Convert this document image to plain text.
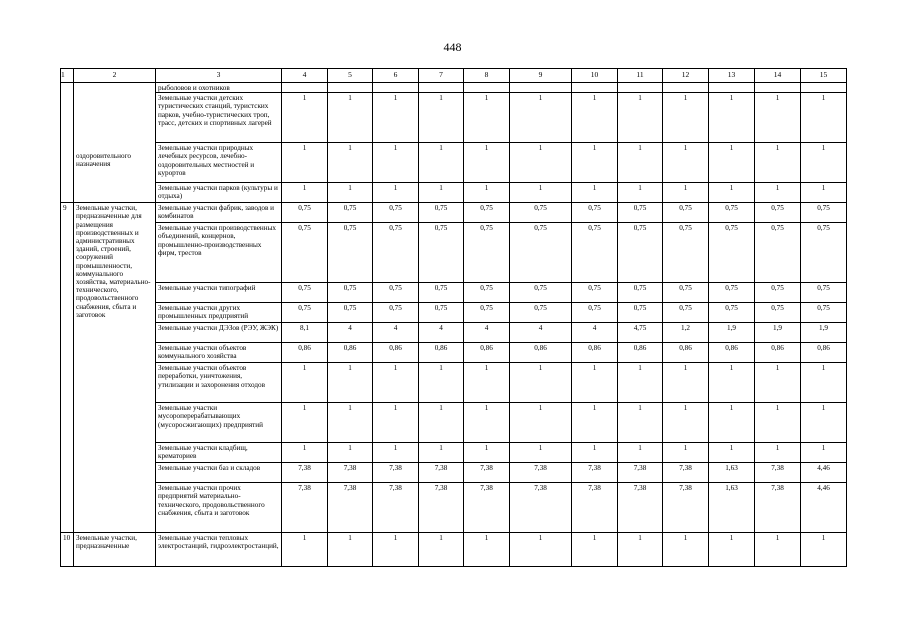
448
1	2	3	4	5	6	7	8	9	10	11	12	13	14	15

	оздоровительного назначения	рыболовов и охотников												
		Земельные участки детских туристических станций, туристских парков, учебно-туристических троп, трасс, детских и спортивных лагерей	1	1	1	1	1	1	1	1	1	1	1	1
		Земельные участки природных лечебных ресурсов, лечебно-оздоровительных местностей и курортов	1	1	1	1	1	1	1	1	1	1	1	1
		Земельные участки парков (культуры и отдыха)	1	1	1	1	1	1	1	1	1	1	1	1
9	Земельные участки, предназначенные для размещения производственных и административных зданий, строений, сооружений промышленности, коммунального хозяйства, материально-технического, продовольственного снабжения, сбыта и заготовок	Земельные участки фабрик, заводов и комбинатов	0,75	0,75	0,75	0,75	0,75	0,75	0,75	0,75	0,75	0,75	0,75	0,75
		Земельные участки производственных объединений, концернов, промышленно-производственных фирм, трестов	0,75	0,75	0,75	0,75	0,75	0,75	0,75	0,75	0,75	0,75	0,75	0,75
		Земельные участки типографий	0,75	0,75	0,75	0,75	0,75	0,75	0,75	0,75	0,75	0,75	0,75	0,75
		Земельные участки других промышленных предприятий	0,75	0,75	0,75	0,75	0,75	0,75	0,75	0,75	0,75	0,75	0,75	0,75
		Земельные участки ДЭЗов (РЭУ, ЖЭК)	8,1	4	4	4	4	4	4	4,75	1,2	1,9	1,9	1,9
		Земельные участки объектов коммунального хозяйства	0,86	0,86	0,86	0,86	0,86	0,86	0,86	0,86	0,86	0,86	0,86	0,86
		Земельные участки объектов переработки, уничтожения, утилизации и захоронения отходов	1	1	1	1	1	1	1	1	1	1	1	1
		Земельные участки мусороперерабатывающих (мусоросжигающих) предприятий	1	1	1	1	1	1	1	1	1	1	1	1
		Земельные участки кладбищ, крематориев	1	1	1	1	1	1	1	1	1	1	1	1
		Земельные участки баз и складов	7,38	7,38	7,38	7,38	7,38	7,38	7,38	7,38	7,38	1,63	7,38	4,46
		Земельные участки прочих предприятий материально-технического, продовольственного снабжения, сбыта и заготовок	7,38	7,38	7,38	7,38	7,38	7,38	7,38	7,38	7,38	1,63	7,38	4,46
10	Земельные участки, предназначенные	Земельные участки тепловых электростанций, гидроэлектростанций,	1	1	1	1	1	1	1	1	1	1	1	1
